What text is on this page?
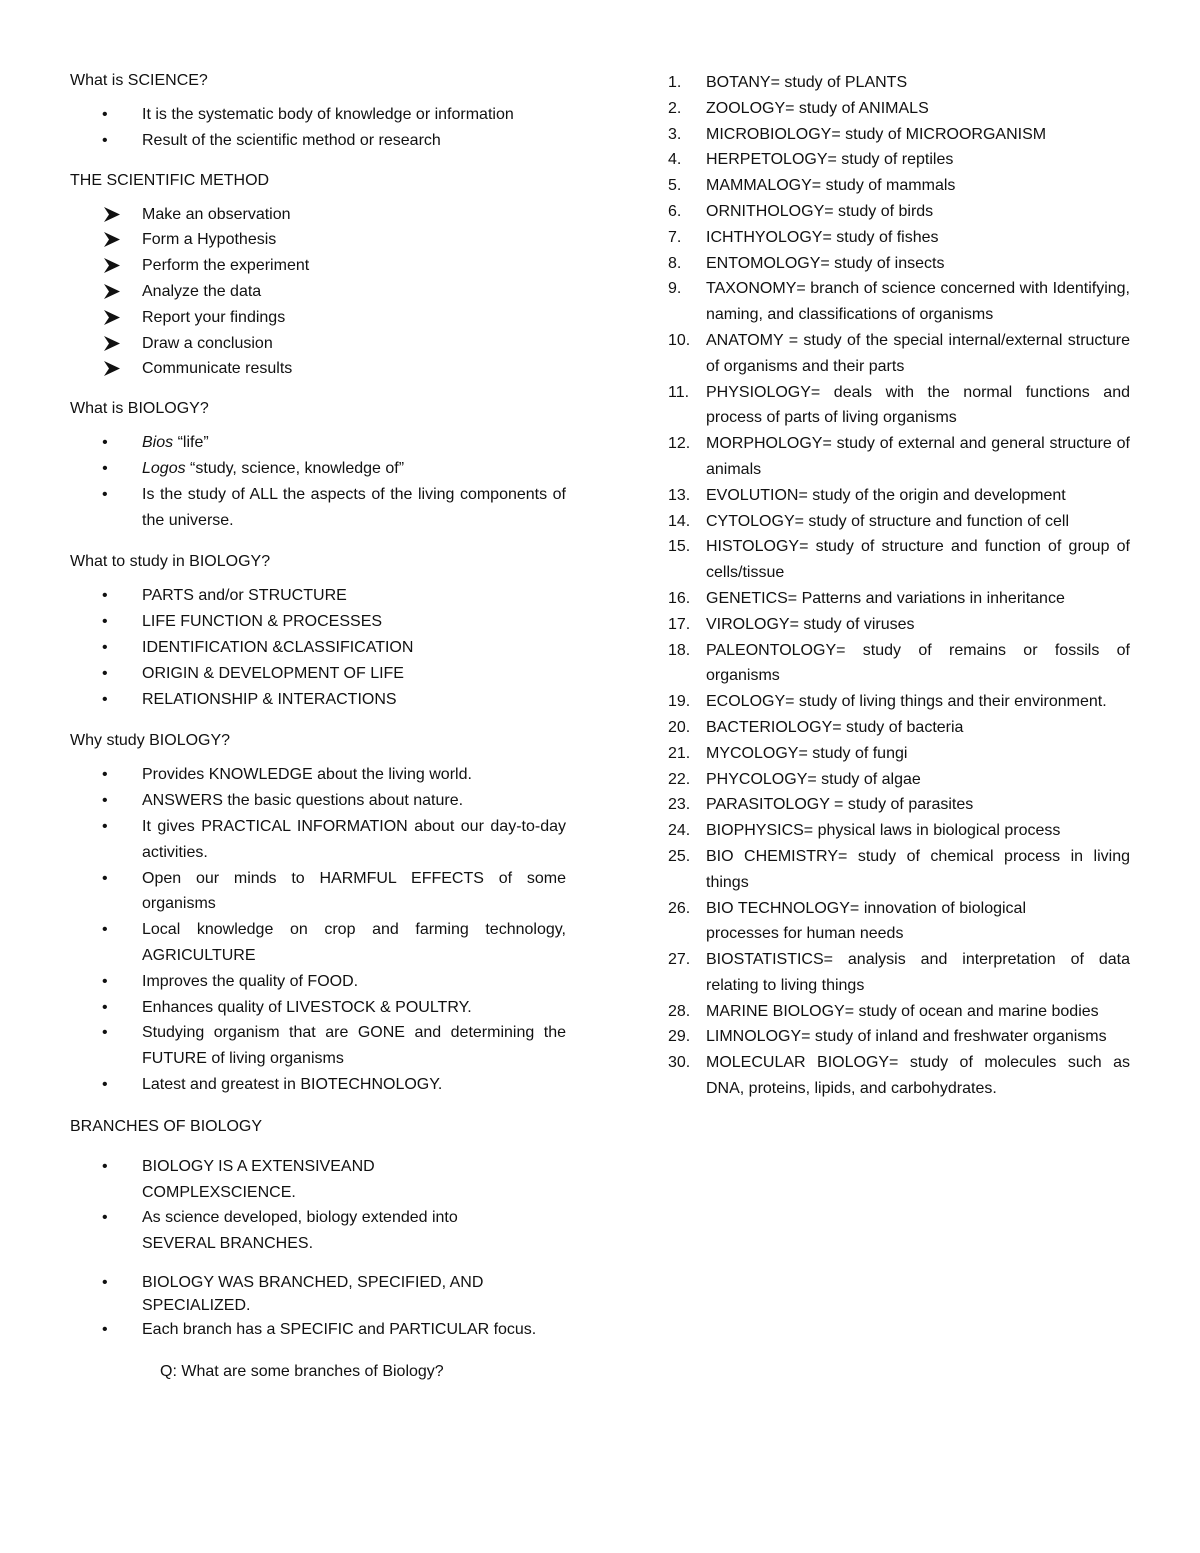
What is SCIENCE?

• It is the systematic body of knowledge or information
• Result of the scientific method or research

THE SCIENTIFIC METHOD

Make an observation
Form a Hypothesis
Perform the experiment
Analyze the data
Report your findings
Draw a conclusion
Communicate results

What is BIOLOGY?

• Bios “life”
• Logos “study, science, knowledge of”
• Is the study of ALL the aspects of the living components of the universe.

What to study in BIOLOGY?

• PARTS and/or STRUCTURE
• LIFE FUNCTION & PROCESSES
• IDENTIFICATION &CLASSIFICATION
• ORIGIN & DEVELOPMENT OF LIFE
• RELATIONSHIP & INTERACTIONS

Why study BIOLOGY?

• Provides KNOWLEDGE about the living world.
• ANSWERS the basic questions about nature.
• It gives PRACTICAL INFORMATION about our day-to-day activities.
• Open our minds to HARMFUL EFFECTS of some organisms
• Local knowledge on crop and farming technology, AGRICULTURE
• Improves the quality of FOOD.
• Enhances quality of LIVESTOCK & POULTRY.
• Studying organism that are GONE and determining the FUTURE of living organisms
• Latest and greatest in BIOTECHNOLOGY.

BRANCHES OF BIOLOGY

• BIOLOGY IS A EXTENSIVEAND COMPLEXSCIENCE.
• As science developed, biology extended into SEVERAL BRANCHES.
• BIOLOGY WAS BRANCHED, SPECIFIED, AND SPECIALIZED.
• Each branch has a SPECIFIC and PARTICULAR focus.

Q: What are some branches of Biology?

1.	BOTANY= study of PLANTS
2.	ZOOLOGY= study of ANIMALS
3.	MICROBIOLOGY= study of MICROORGANISM
4.	HERPETOLOGY= study of reptiles
5.	MAMMALOGY= study of mammals
6.	ORNITHOLOGY= study of birds
7.	ICHTHYOLOGY= study of fishes
8.	ENTOMOLOGY= study of insects
9.	TAXONOMY= branch of science concerned with Identifying, naming, and classifications of organisms
10. ANATOMY = study of the special internal/external structure of organisms and their parts
11.	PHYSIOLOGY= deals with the normal functions and process of parts of living organisms
12. MORPHOLOGY= study of external and general structure of animals
13. EVOLUTION= study of the origin and development
14. CYTOLOGY= study of structure and function of cell
15. HISTOLOGY= study of structure and function of group of cells/tissue
16. GENETICS= Patterns and variations in inheritance
17. VIROLOGY= study of viruses
18. PALEONTOLOGY= study of remains or fossils of organisms
19. ECOLOGY= study of living things and their environment.
20. BACTERIOLOGY= study of bacteria
21. MYCOLOGY= study of fungi
22. PHYCOLOGY= study of algae
23. PARASITOLOGY = study of parasites
24. BIOPHYSICS= physical laws in biological process
25. BIO CHEMISTRY= study of chemical process in living things
26. BIO TECHNOLOGY= innovation of biological processes for human needs
27. BIOSTATISTICS= analysis and interpretation of data relating to living things
28. MARINE BIOLOGY= study of ocean and marine bodies
29. LIMNOLOGY= study of inland and freshwater organisms
30. MOLECULAR BIOLOGY= study of molecules such as DNA, proteins, lipids, and carbohydrates.
